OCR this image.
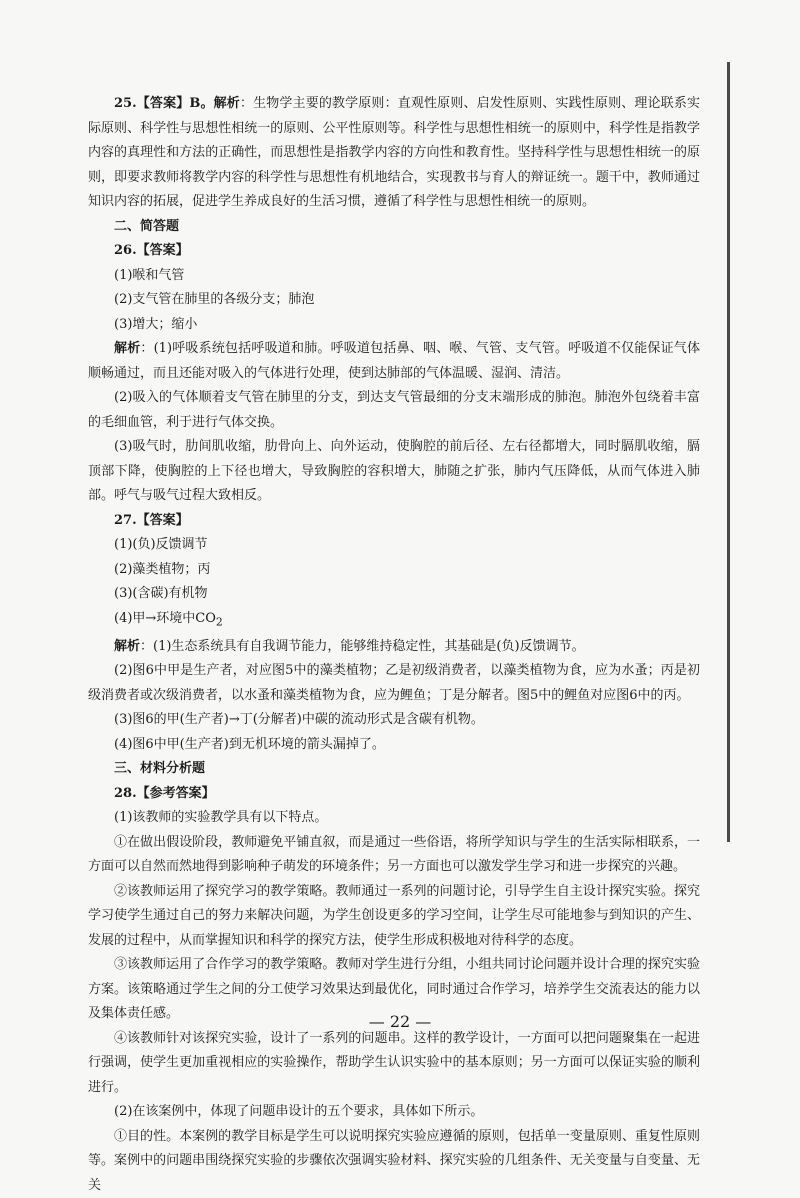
25.【答案】B。解析：生物学主要的教学原则：直观性原则、启发性原则、实践性原则、理论联系实际原则、科学性与思想性相统一的原则、公平性原则等。科学性与思想性相统一的原则中，科学性是指教学内容的真理性和方法的正确性，而思想性是指教学内容的方向性和教育性。坚持科学性与思想性相统一的原则，即要求教师将教学内容的科学性与思想性有机地结合，实现教书与育人的辩证统一。题干中，教师通过知识内容的拓展，促进学生养成良好的生活习惯，遵循了科学性与思想性相统一的原则。

二、简答题

26.【答案】

(1)喉和气管

(2)支气管在肺里的各级分支；肺泡

(3)增大；缩小

解析：(1)呼吸系统包括呼吸道和肺。呼吸道包括鼻、咽、喉、气管、支气管。呼吸道不仅能保证气体顺畅通过，而且还能对吸入的气体进行处理，使到达肺部的气体温暖、湿润、清洁。

(2)吸入的气体顺着支气管在肺里的分支，到达支气管最细的分支末端形成的肺泡。肺泡外包绕着丰富的毛细血管，利于进行气体交换。

(3)吸气时，肋间肌收缩，肋骨向上、向外运动，使胸腔的前后径、左右径都增大，同时膈肌收缩，膈顶部下降，使胸腔的上下径也增大，导致胸腔的容积增大，肺随之扩张，肺内气压降低，从而气体进入肺部。呼气与吸气过程大致相反。

27.【答案】

(1)(负)反馈调节

(2)藻类植物；丙

(3)(含碳)有机物

(4)甲→环境中$CO_2$

解析：(1)生态系统具有自我调节能力，能够维持稳定性，其基础是(负)反馈调节。

(2)图6中甲是生产者，对应图5中的藻类植物；乙是初级消费者，以藻类植物为食，应为水蚤；丙是初级消费者或次级消费者，以水蚤和藻类植物为食，应为鲤鱼；丁是分解者。图5中的鲤鱼对应图6中的丙。

(3)图6的甲(生产者)→丁(分解者)中碳的流动形式是含碳有机物。

(4)图6中甲(生产者)到无机环境的箭头漏掉了。

三、材料分析题

28.【参考答案】

(1)该教师的实验教学具有以下特点。

①在做出假设阶段，教师避免平铺直叙，而是通过一些俗语，将所学知识与学生的生活实际相联系，一方面可以自然而然地得到影响种子萌发的环境条件；另一方面也可以激发学生学习和进一步探究的兴趣。

②该教师运用了探究学习的教学策略。教师通过一系列的问题讨论，引导学生自主设计探究实验。探究学习使学生通过自己的努力来解决问题，为学生创设更多的学习空间，让学生尽可能地参与到知识的产生、发展的过程中，从而掌握知识和科学的探究方法，使学生形成积极地对待科学的态度。

③该教师运用了合作学习的教学策略。教师对学生进行分组，小组共同讨论问题并设计合理的探究实验方案。该策略通过学生之间的分工使学习效果达到最优化，同时通过合作学习，培养学生交流表达的能力以及集体责任感。

④该教师针对该探究实验，设计了一系列的问题串。这样的教学设计，一方面可以把问题聚集在一起进行强调，使学生更加重视相应的实验操作，帮助学生认识实验中的基本原则；另一方面可以保证实验的顺利进行。

(2)在该案例中，体现了问题串设计的五个要求，具体如下所示。

①目的性。本案例的教学目标是学生可以说明探究实验应遵循的原则，包括单一变量原则、重复性原则等。案例中的问题串围绕探究实验的步骤依次强调实验材料、探究实验的几组条件、无关变量与自变量、无关

— 22 —
